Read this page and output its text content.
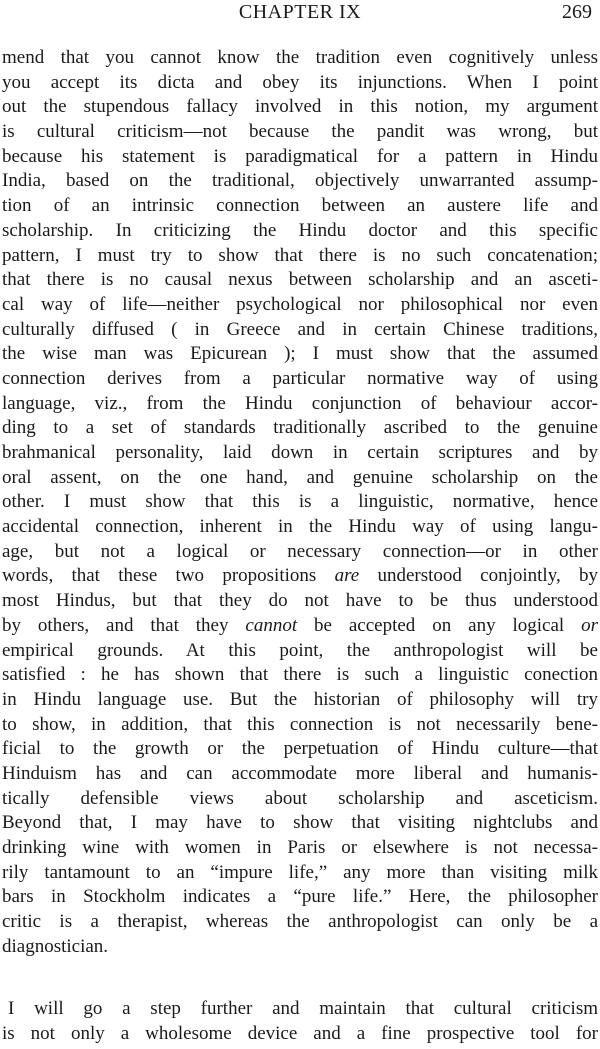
CHAPTER IX	269
mend that you cannot know the tradition even cognitively unless
you accept its dicta and obey its injunctions. When I point
out the stupendous fallacy involved in this notion, my argument
is cultural criticism—not because the pandit was wrong, but
because his statement is paradigmatical for a pattern in Hindu
India, based on the traditional, objectively unwarranted assump-
tion of an intrinsic connection between an austere life and
scholarship. In criticizing the Hindu doctor and this specific
pattern, I must try to show that there is no such concatenation;
that there is no causal nexus between scholarship and an asceti-
cal way of life—neither psychological nor philosophical nor even
culturally diffused ( in Greece and in certain Chinese traditions,
the wise man was Epicurean ); I must show that the assumed
connection derives from a particular normative way of using
language, viz., from the Hindu conjunction of behaviour accor-
ding to a set of standards traditionally ascribed to the genuine
brahmanical personality, laid down in certain scriptures and by
oral assent, on the one hand, and genuine scholarship on the
other. I must show that this is a linguistic, normative, hence
accidental connection, inherent in the Hindu way of using langu-
age, but not a logical or necessary connection—or in other
words, that these two propositions are understood conjointly, by
most Hindus, but that they do not have to be thus understood
by others, and that they cannot be accepted on any logical or
empirical grounds. At this point, the anthropologist will be
satisfied : he has shown that there is such a linguistic conection
in Hindu language use. But the historian of philosophy will try
to show, in addition, that this connection is not necessarily bene-
ficial to the growth or the perpetuation of Hindu culture—that
Hinduism has and can accommodate more liberal and humanis-
tically defensible views about scholarship and asceticism.
Beyond that, I may have to show that visiting nightclubs and
drinking wine with women in Paris or elsewhere is not necessa-
rily tantamount to an “impure life,” any more than visiting milk
bars in Stockholm indicates a “pure life.” Here, the philosopher
critic is a therapist, whereas the anthropologist can only be a
diagnostician.
I will go a step further and maintain that cultural criticism
is not only a wholesome device and a fine prospective tool for
